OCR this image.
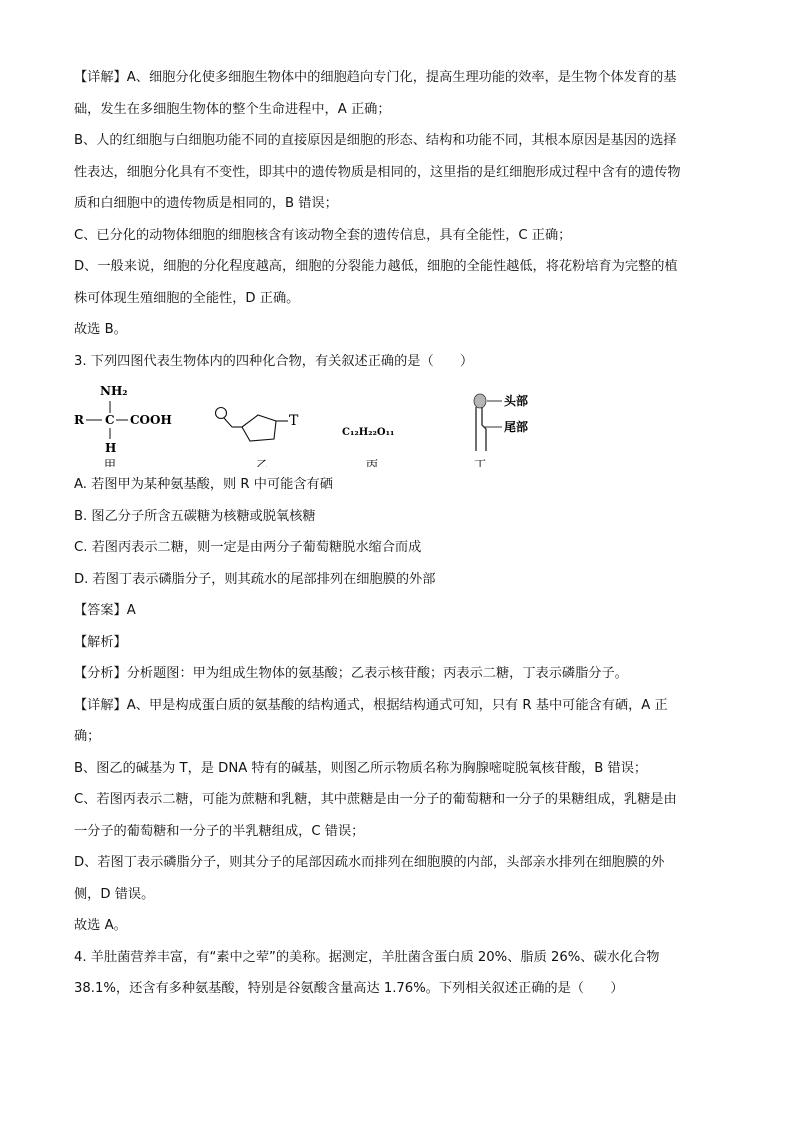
【详解】A、细胞分化使多细胞生物体中的细胞趋向专门化，提高生理功能的效率，是生物个体发育的基

础，发生在多细胞生物体的整个生命进程中，A 正确；

B、人的红细胞与白细胞功能不同的直接原因是细胞的形态、结构和功能不同，其根本原因是基因的选择

性表达，细胞分化具有不变性，即其中的遗传物质是相同的，这里指的是红细胞形成过程中含有的遗传物

质和白细胞中的遗传物质是相同的，B 错误；

C、已分化的动物体细胞的细胞核含有该动物全套的遗传信息，具有全能性，C 正确；

D、一般来说，细胞的分化程度越高，细胞的分裂能力越低，细胞的全能性越低，将花粉培育为完整的植

株可体现生殖细胞的全能性，D 正确。

故选 B。

3. 下列四图代表生物体内的四种化合物，有关叙述正确的是（　　）

NH₂
R C COOH
H
甲
T
乙
C₁₂H₂₂O₁₁
丙
头部
尾部
丁

A. 若图甲为某种氨基酸，则 R 中可能含有硒

B. 图乙分子所含五碳糖为核糖或脱氧核糖

C. 若图丙表示二糖，则一定是由两分子葡萄糖脱水缩合而成

D. 若图丁表示磷脂分子，则其疏水的尾部排列在细胞膜的外部

【答案】A

【解析】

【分析】分析题图：甲为组成生物体的氨基酸；乙表示核苷酸；丙表示二糖，丁表示磷脂分子。

【详解】A、甲是构成蛋白质的氨基酸的结构通式，根据结构通式可知，只有 R 基中可能含有硒，A 正

确；

B、图乙的碱基为 T，是 DNA 特有的碱基，则图乙所示物质名称为胸腺嘧啶脱氧核苷酸，B 错误；

C、若图丙表示二糖，可能为蔗糖和乳糖，其中蔗糖是由一分子的葡萄糖和一分子的果糖组成，乳糖是由

一分子的葡萄糖和一分子的半乳糖组成，C 错误；

D、若图丁表示磷脂分子，则其分子的尾部因疏水而排列在细胞膜的内部，头部亲水排列在细胞膜的外

侧，D 错误。

故选 A。

4. 羊肚菌营养丰富，有“素中之荤”的美称。据测定，羊肚菌含蛋白质 20%、脂质 26%、碳水化合物

38.1%，还含有多种氨基酸，特别是谷氨酸含量高达 1.76%。下列相关叙述正确的是（　　）
